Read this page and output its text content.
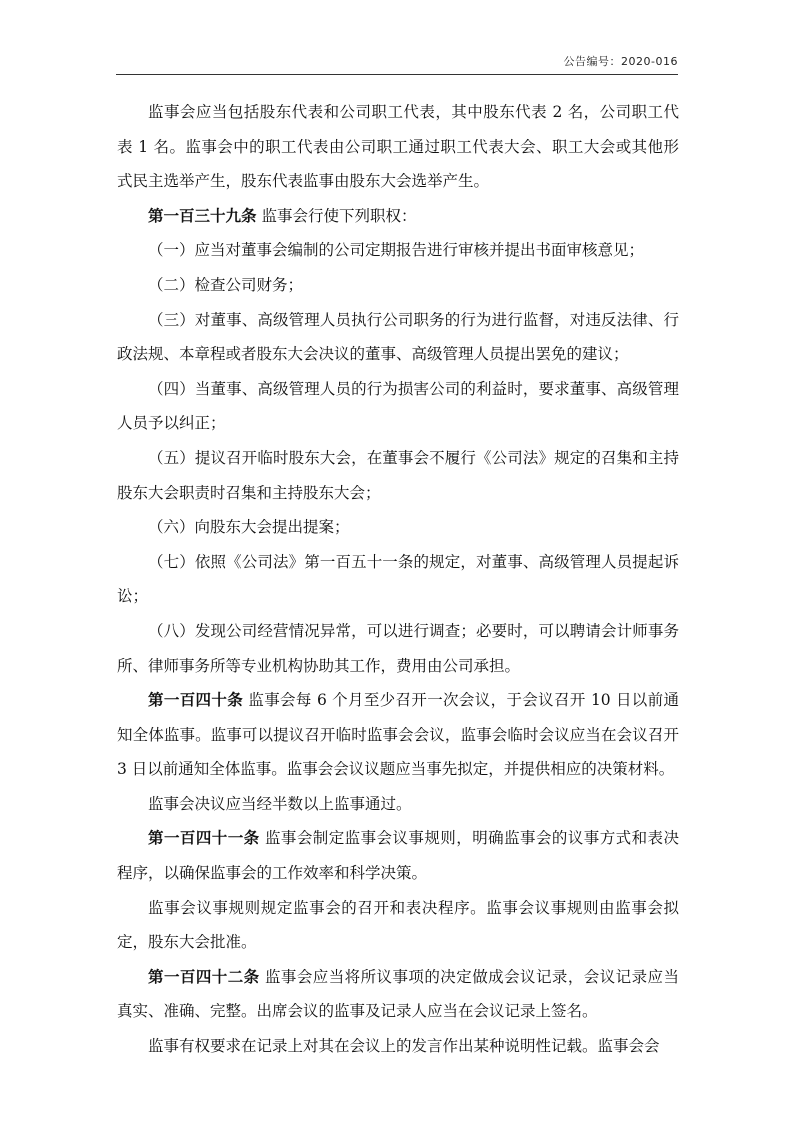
公告编号：2020-016

监事会应当包括股东代表和公司职工代表，其中股东代表 2 名，公司职工代表 1 名。监事会中的职工代表由公司职工通过职工代表大会、职工大会或其他形式民主选举产生，股东代表监事由股东大会选举产生。

第一百三十九条 监事会行使下列职权：

（一）应当对董事会编制的公司定期报告进行审核并提出书面审核意见；

（二）检查公司财务；

（三）对董事、高级管理人员执行公司职务的行为进行监督，对违反法律、行政法规、本章程或者股东大会决议的董事、高级管理人员提出罢免的建议；

（四）当董事、高级管理人员的行为损害公司的利益时，要求董事、高级管理人员予以纠正；

（五）提议召开临时股东大会，在董事会不履行《公司法》规定的召集和主持股东大会职责时召集和主持股东大会；

（六）向股东大会提出提案；

（七）依照《公司法》第一百五十一条的规定，对董事、高级管理人员提起诉讼；

（八）发现公司经营情况异常，可以进行调查；必要时，可以聘请会计师事务所、律师事务所等专业机构协助其工作，费用由公司承担。

第一百四十条 监事会每 6 个月至少召开一次会议，于会议召开 10 日以前通知全体监事。监事可以提议召开临时监事会会议，监事会临时会议应当在会议召开 3 日以前通知全体监事。监事会会议议题应当事先拟定，并提供相应的决策材料。

监事会决议应当经半数以上监事通过。

第一百四十一条 监事会制定监事会议事规则，明确监事会的议事方式和表决程序，以确保监事会的工作效率和科学决策。

监事会议事规则规定监事会的召开和表决程序。监事会议事规则由监事会拟定，股东大会批准。

第一百四十二条 监事会应当将所议事项的决定做成会议记录，会议记录应当真实、准确、完整。出席会议的监事及记录人应当在会议记录上签名。

监事有权要求在记录上对其在会议上的发言作出某种说明性记载。监事会会
